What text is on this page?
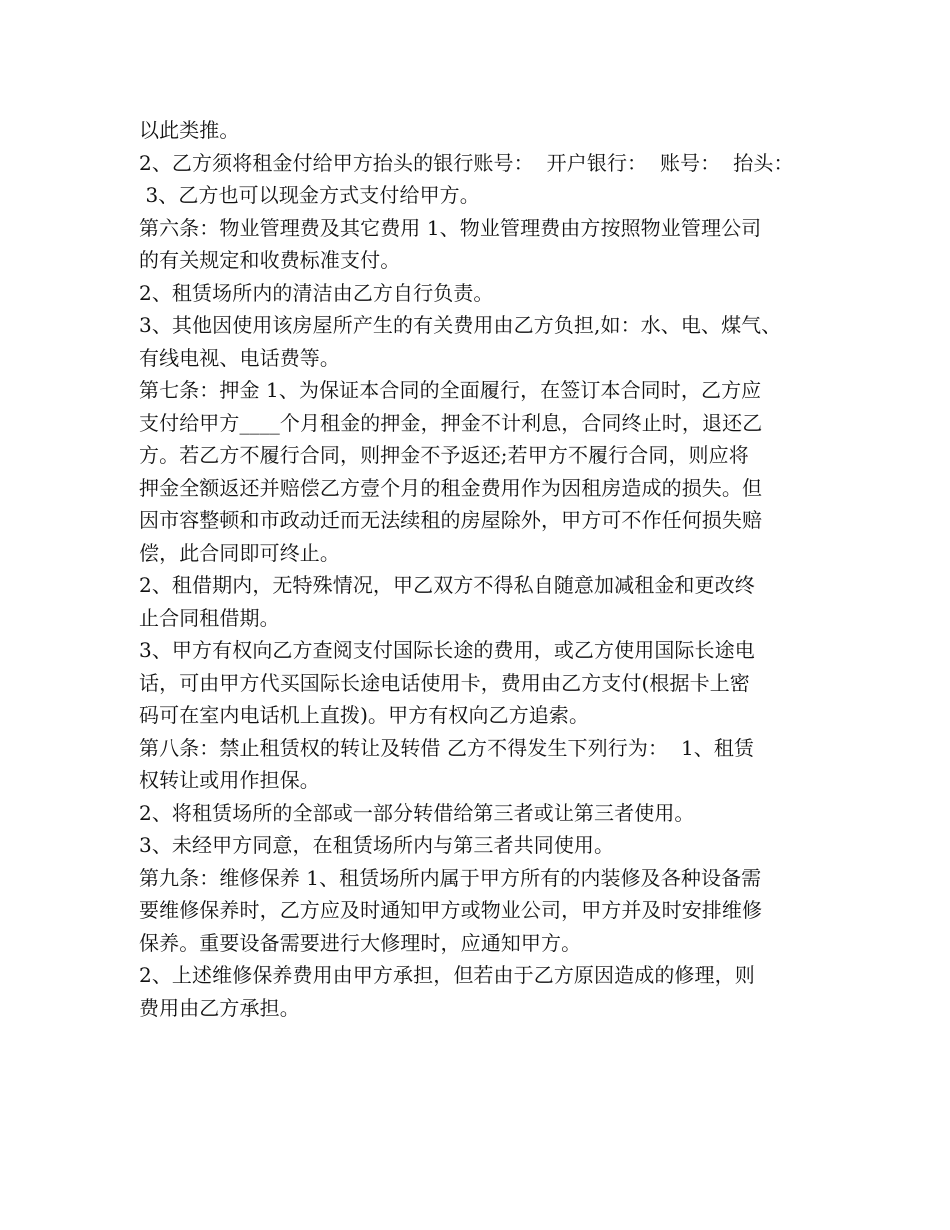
以此类推。
2、乙方须将租金付给甲方抬头的银行账号：  开户银行：  账号：  抬头：
3、乙方也可以现金方式支付给甲方。
第六条：物业管理费及其它费用 1、物业管理费由方按照物业管理公司
的有关规定和收费标准支付。
2、租赁场所内的清洁由乙方自行负责。
3、其他因使用该房屋所产生的有关费用由乙方负担,如：水、电、煤气、
有线电视、电话费等。
第七条：押金 1、为保证本合同的全面履行，在签订本合同时，乙方应
支付给甲方____个月租金的押金，押金不计利息，合同终止时，退还乙
方。若乙方不履行合同，则押金不予返还;若甲方不履行合同，则应将
押金全额返还并赔偿乙方壹个月的租金费用作为因租房造成的损失。但
因市容整顿和市政动迁而无法续租的房屋除外，甲方可不作任何损失赔
偿，此合同即可终止。
2、租借期内，无特殊情况，甲乙双方不得私自随意加减租金和更改终
止合同租借期。
3、甲方有权向乙方查阅支付国际长途的费用，或乙方使用国际长途电
话，可由甲方代买国际长途电话使用卡，费用由乙方支付(根据卡上密
码可在室内电话机上直拨)。甲方有权向乙方追索。
第八条：禁止租赁权的转让及转借 乙方不得发生下列行为：  1、租赁
权转让或用作担保。
2、将租赁场所的全部或一部分转借给第三者或让第三者使用。
3、未经甲方同意，在租赁场所内与第三者共同使用。
第九条：维修保养 1、租赁场所内属于甲方所有的内装修及各种设备需
要维修保养时，乙方应及时通知甲方或物业公司，甲方并及时安排维修
保养。重要设备需要进行大修理时，应通知甲方。
2、上述维修保养费用由甲方承担，但若由于乙方原因造成的修理，则
费用由乙方承担。
